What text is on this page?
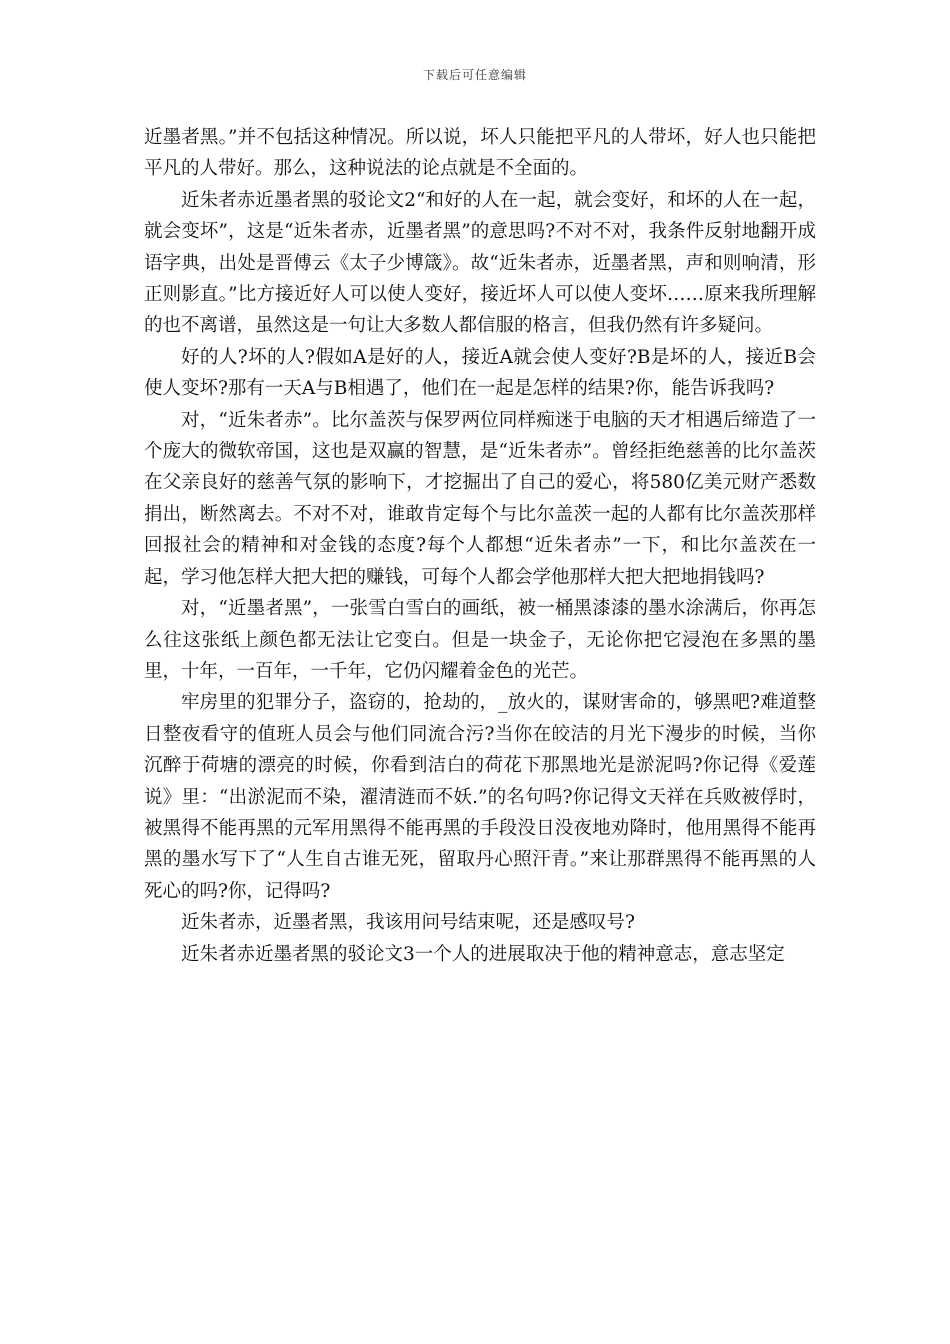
下载后可任意编辑

近墨者黑。”并不包括这种情况。所以说，坏人只能把平凡的人带坏，好人也只能把平凡的人带好。那么，这种说法的论点就是不全面的。

近朱者赤近墨者黑的驳论文2“和好的人在一起，就会变好，和坏的人在一起，就会变坏”，这是“近朱者赤，近墨者黑”的意思吗?不对不对，我条件反射地翻开成语字典，出处是晋傅云《太子少博箴》。故“近朱者赤，近墨者黑，声和则响清，形正则影直。”比方接近好人可以使人变好，接近坏人可以使人变坏……原来我所理解的也不离谱，虽然这是一句让大多数人都信服的格言，但我仍然有许多疑问。

好的人?坏的人?假如A是好的人，接近A就会使人变好?B是坏的人，接近B会使人变坏?那有一天A与B相遇了，他们在一起是怎样的结果?你，能告诉我吗?

对，“近朱者赤”。比尔盖茨与保罗两位同样痴迷于电脑的天才相遇后缔造了一个庞大的微软帝国，这也是双赢的智慧，是“近朱者赤”。曾经拒绝慈善的比尔盖茨在父亲良好的慈善气氛的影响下，才挖掘出了自己的爱心，将580亿美元财产悉数捐出，断然离去。不对不对，谁敢肯定每个与比尔盖茨一起的人都有比尔盖茨那样回报社会的精神和对金钱的态度?每个人都想“近朱者赤”一下，和比尔盖茨在一起，学习他怎样大把大把的赚钱，可每个人都会学他那样大把大把地捐钱吗?

对，“近墨者黑”，一张雪白雪白的画纸，被一桶黑漆漆的墨水涂满后，你再怎么往这张纸上颜色都无法让它变白。但是一块金子，无论你把它浸泡在多黑的墨里，十年，一百年，一千年，它仍闪耀着金色的光芒。

牢房里的犯罪分子，盗窃的，抢劫的，_放火的，谋财害命的，够黑吧?难道整日整夜看守的值班人员会与他们同流合污?当你在皎洁的月光下漫步的时候，当你沉醉于荷塘的漂亮的时候，你看到洁白的荷花下那黑地光是淤泥吗?你记得《爱莲说》里：“出淤泥而不染，濯清涟而不妖.”的名句吗?你记得文天祥在兵败被俘时，被黑得不能再黑的元军用黑得不能再黑的手段没日没夜地劝降时，他用黑得不能再黑的墨水写下了“人生自古谁无死，留取丹心照汗青。”来让那群黑得不能再黑的人死心的吗?你，记得吗?

近朱者赤，近墨者黑，我该用问号结束呢，还是感叹号?

近朱者赤近墨者黑的驳论文3一个人的进展取决于他的精神意志，意志坚定
